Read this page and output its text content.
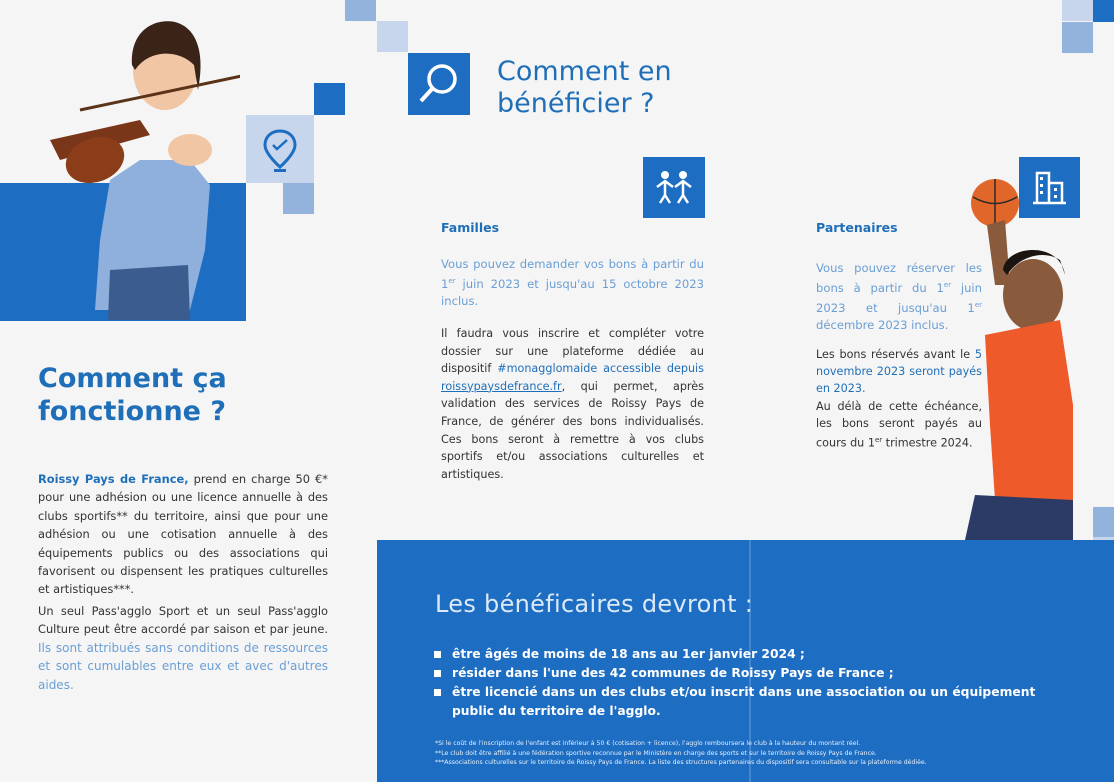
Comment ça
fonctionne ?

Roissy Pays de France, prend en charge 50 €* pour une adhésion ou une licence annuelle à des clubs sportifs** du territoire, ainsi que pour une adhésion ou une cotisation annuelle à des équipements publics ou des associations qui favorisent ou dispensent les pratiques culturelles et artistiques***.

Un seul Pass'agglo Sport et un seul Pass'agglo Culture peut être accordé par saison et par jeune. Ils sont attribués sans conditions de ressources et sont cumulables entre eux et avec d'autres aides.

Comment en
bénéficier ?
Familles

Vous pouvez demander vos bons à partir du 1er juin 2023 et jusqu'au 15 octobre 2023 inclus.

Il faudra vous inscrire et compléter votre dossier sur une plateforme dédiée au dispositif #monagglomaide accessible depuis roissypaysdefrance.fr, qui permet, après validation des services de Roissy Pays de France, de générer des bons individualisés. Ces bons seront à remettre à vos clubs sportifs et/ou associations culturelles et artistiques.

Partenaires

Vous pouvez réserver les bons à partir du 1er juin 2023 et jusqu'au 1er décembre 2023 inclus.

Les bons réservés avant le 5 novembre 2023 seront payés en 2023.
Au délà de cette échéance, les bons seront payés au cours du 1er trimestre 2024.

Les bénéficaires devront :
être âgés de moins de 18 ans au 1er janvier 2024 ;
résider dans l'une des 42 communes de Roissy Pays de France ;
être licencié dans un des clubs et/ou inscrit dans une association ou un équipement public du territoire de l'agglo.
*Si le coût de l'inscription de l'enfant est inférieur à 50 € (cotisation + licence), l'agglo remboursera le club à la hauteur du montant réel.
**Le club doit être affilié à une fédération sportive reconnue par le Ministère en charge des sports et sur le territoire de Roissy Pays de France.
***Associations culturelles sur le territoire de Roissy Pays de France. La liste des structures partenaires du dispositif sera consultable sur la plateforme dédiée.
